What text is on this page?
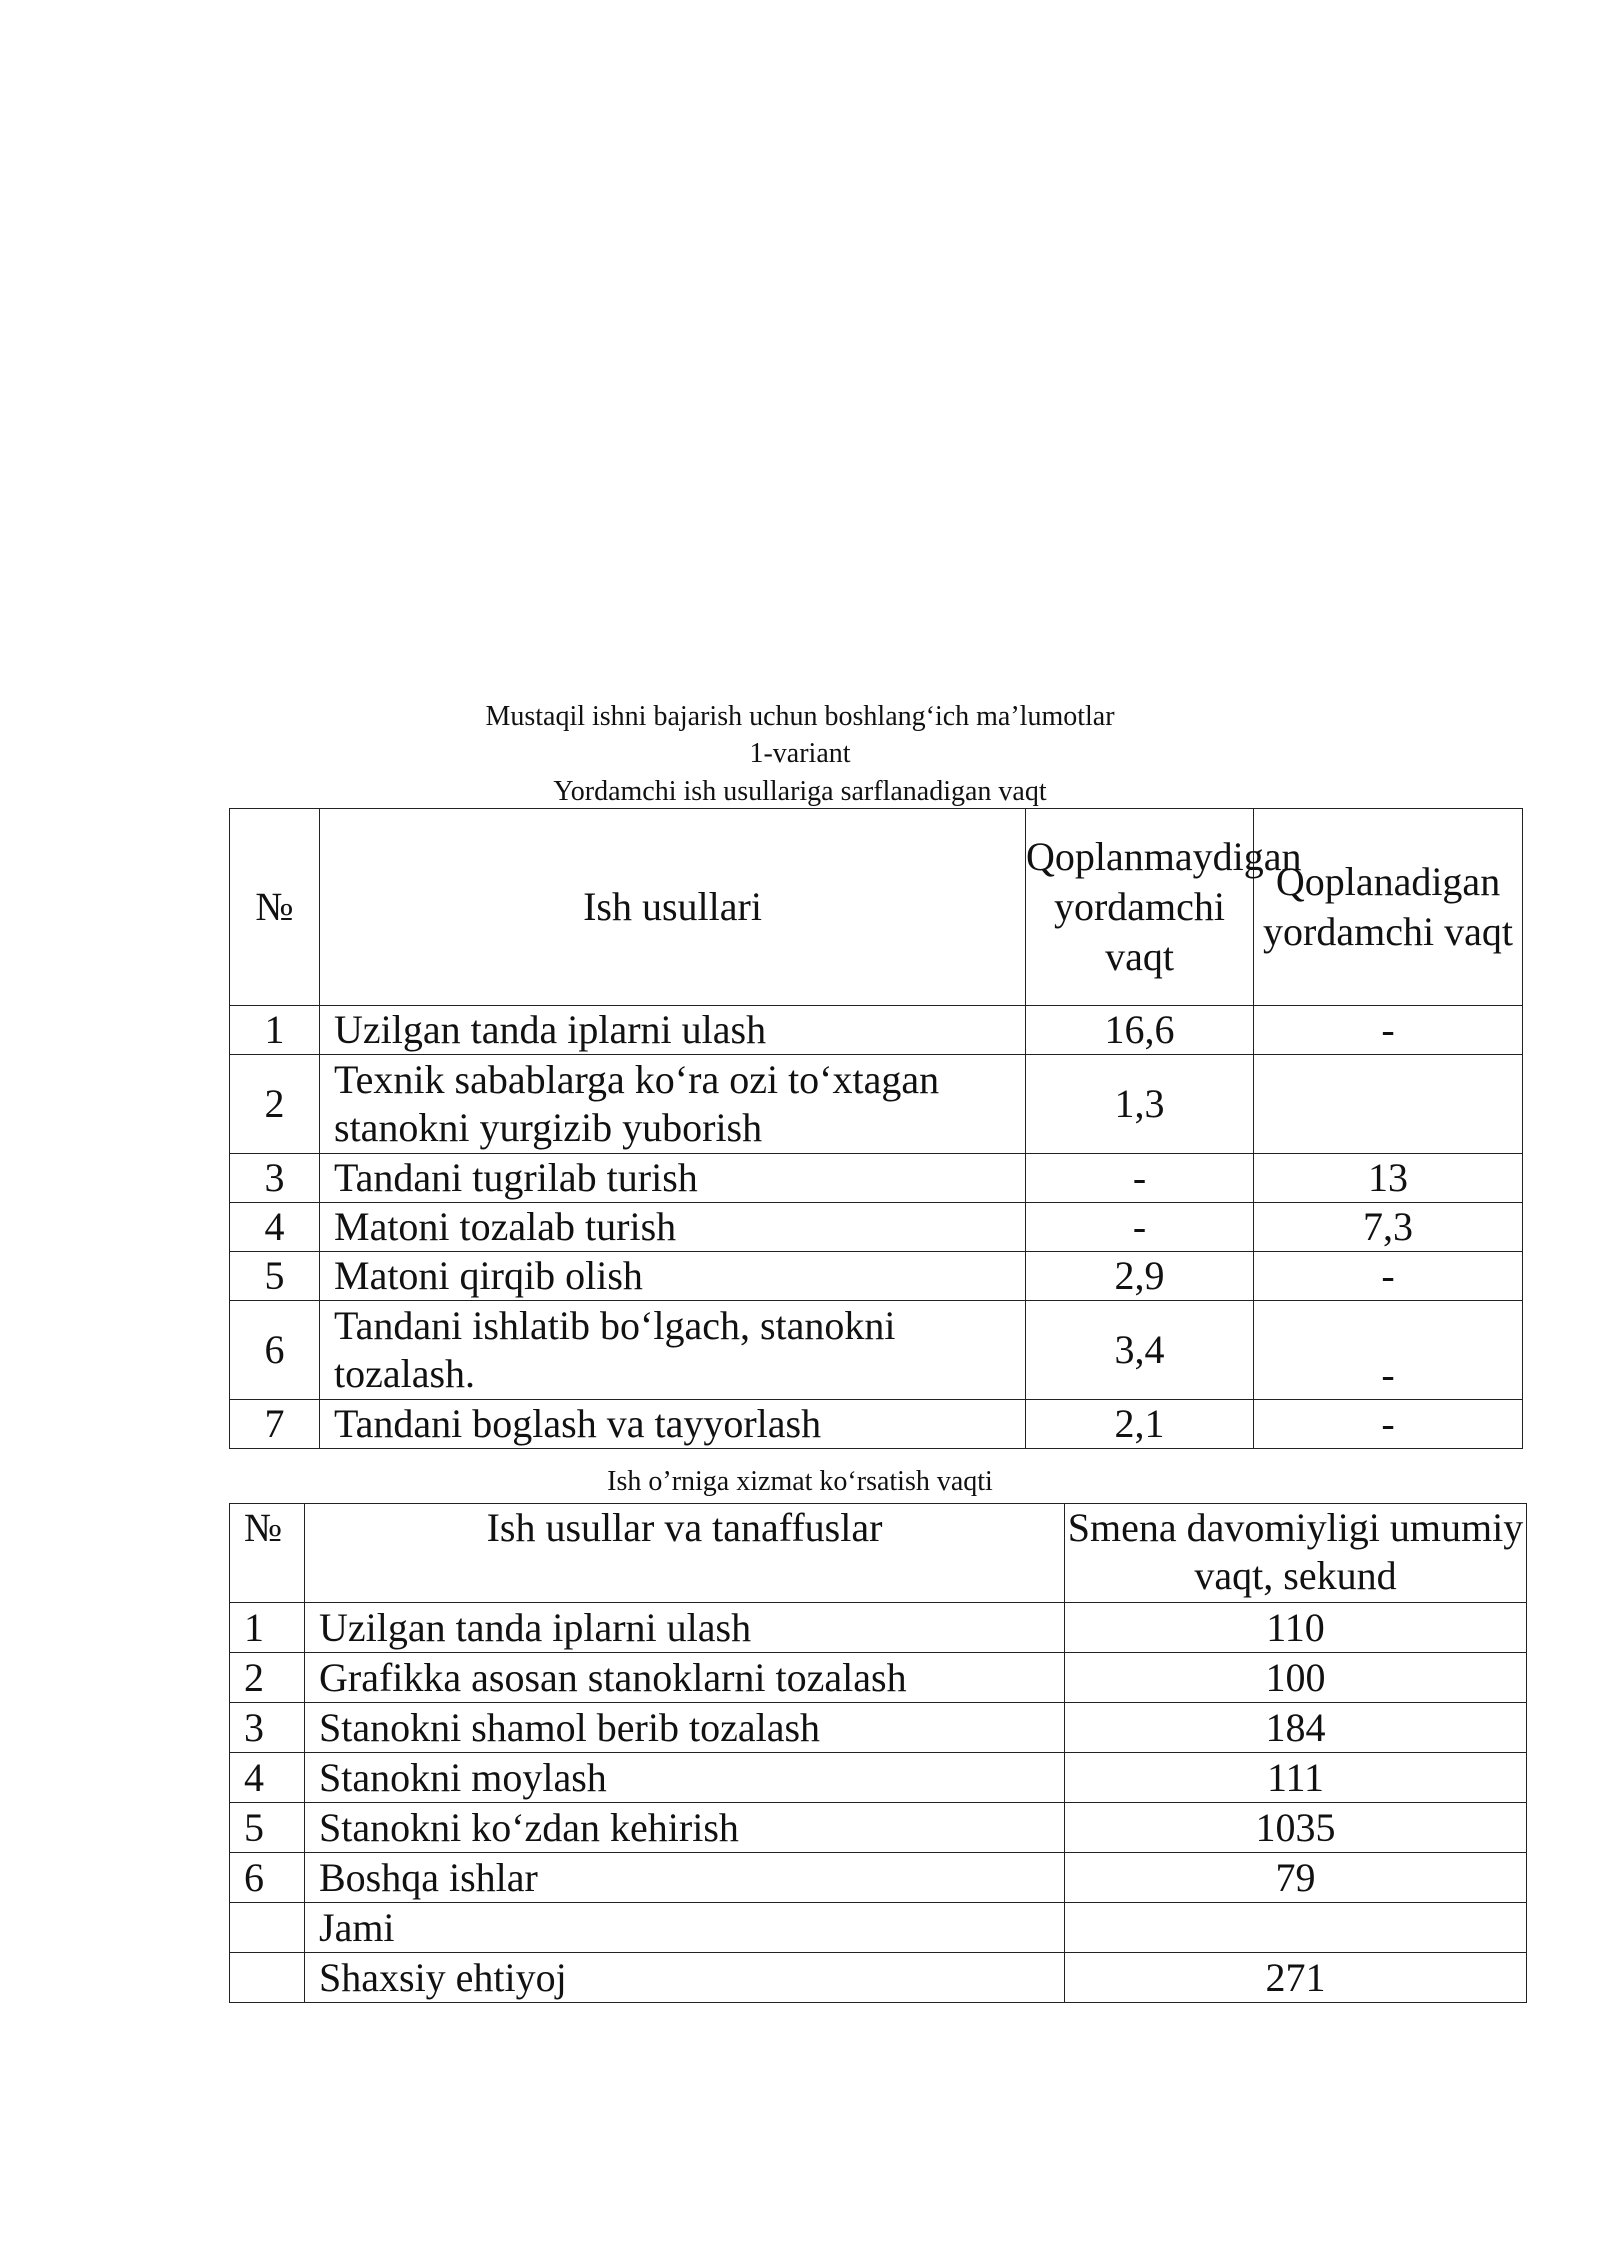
Mustaqil ishni bajarish uchun boshlang‘ich ma’lumotlar
1-variant
Yordamchi ish usullariga sarflanadigan vaqt
№	Ish usullari	Qoplanmaydigan yordamchi vaqt	Qoplanadigan yordamchi vaqt
1	Uzilgan tanda iplarni ulash	16,6	-
2	Texnik sabablarga ko‘ra ozi to‘xtagan stanokni yurgizib yuborish	1,3	
3	Tandani tugrilab turish	-	13
4	Matoni tozalab turish	-	7,3
5	Matoni qirqib olish	2,9	-
6	Tandani ishlatib bo‘lgach, stanokni tozalash.	3,4	-
7	Tandani boglash va tayyorlash	2,1	-
Ish o’rniga xizmat ko‘rsatish vaqti
№	Ish usullar va tanaffuslar	Smena davomiyligi umumiy vaqt, sekund
1	Uzilgan tanda iplarni ulash	110
2	Grafikka asosan stanoklarni tozalash	100
3	Stanokni shamol berib tozalash	184
4	Stanokni moylash	111
5	Stanokni ko‘zdan kehirish	1035
6	Boshqa ishlar	79
	Jami	
	Shaxsiy ehtiyoj	271
